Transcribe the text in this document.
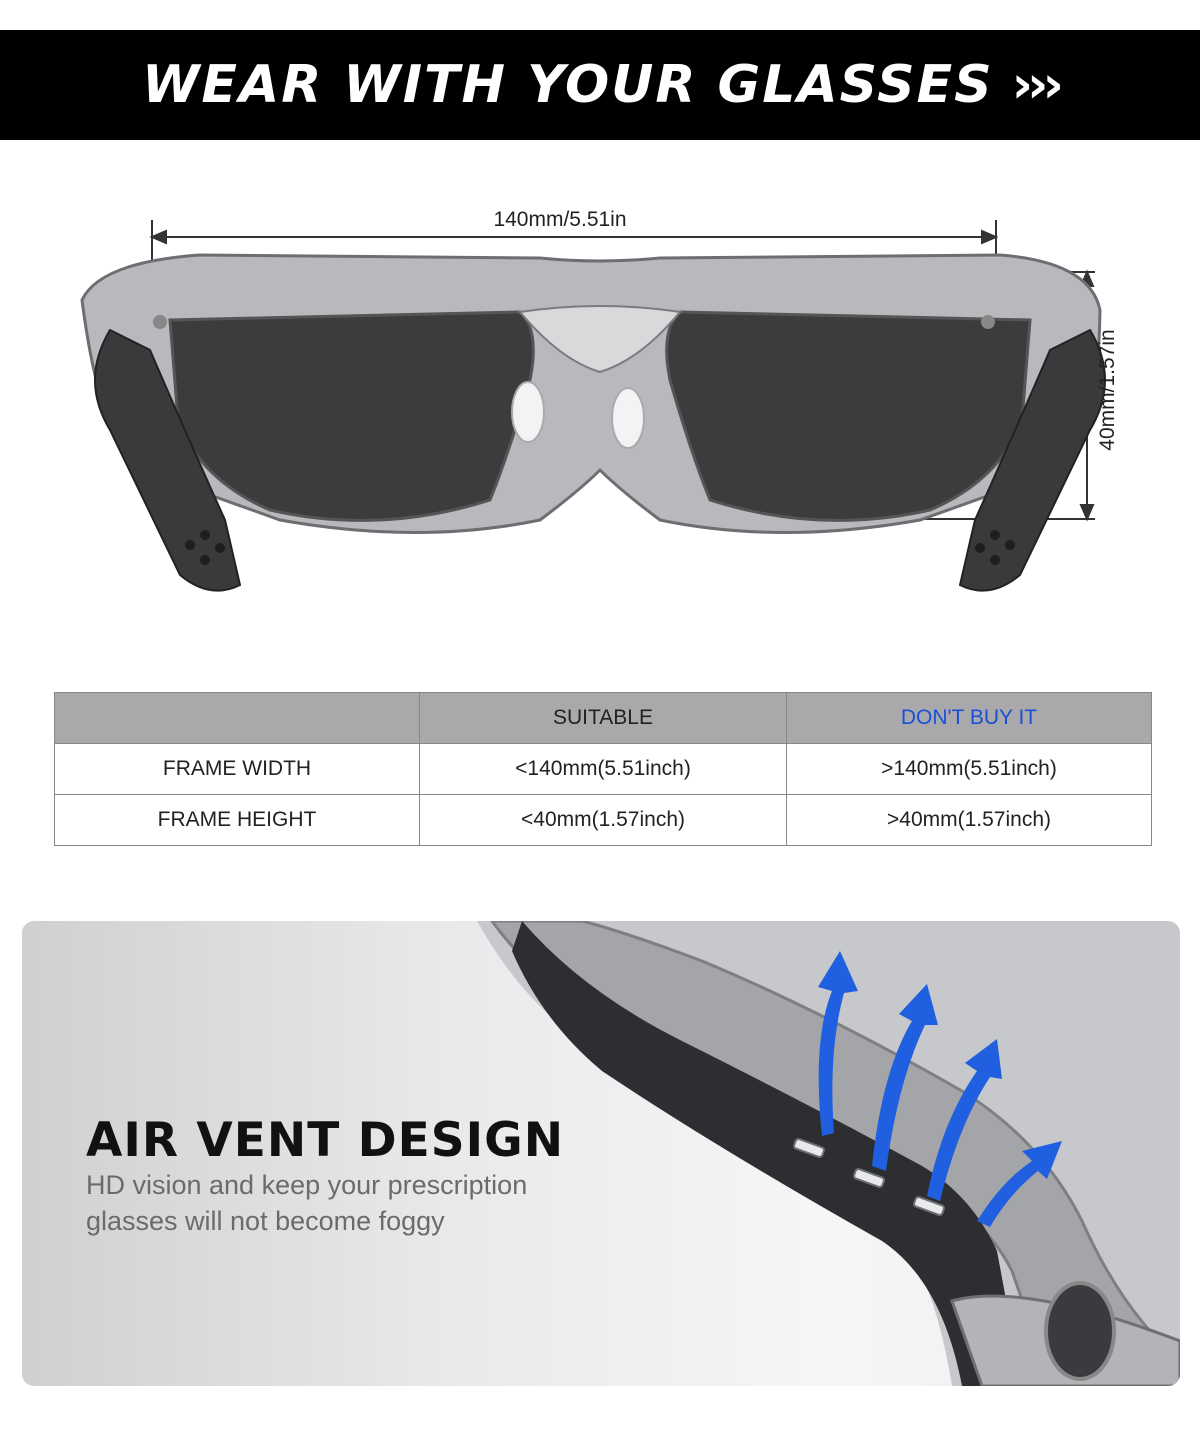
WEAR WITH YOUR GLASSES ›››
140mm/5.51in
40mm/1.57in
	SUITABLE	DON'T BUY IT
FRAME WIDTH	<140mm(5.51inch)	>140mm(5.51inch)
FRAME HEIGHT	<40mm(1.57inch)	>40mm(1.57inch)
AIR VENT DESIGN
HD vision and keep your prescription glasses will not become foggy
